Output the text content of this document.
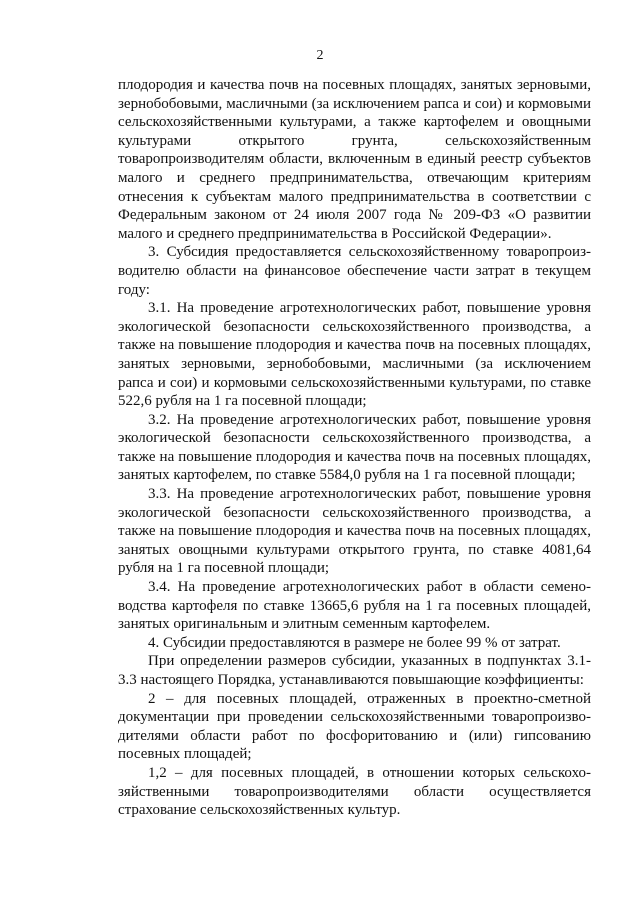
2

плодородия и качества почв на посевных площадях, занятых зерновыми, зернобобовыми, масличными (за исключением рапса и сои) и кормовыми сельскохозяйственными культурами, а также картофелем и овощными культурами открытого грунта, сельскохозяйственным товаропроизводителям области, включенным в единый реестр субъектов малого и среднего предпринимательства, отвечающим критериям отнесения к субъектам малого предпринимательства в соответствии с Федеральным законом от 24 июля 2007 года № 209-ФЗ «О развитии малого и среднего предпринимательства в Российской Федерации».

3. Субсидия предоставляется сельскохозяйственному товаропроизводителю области на финансовое обеспечение части затрат в текущем году:

3.1. На проведение агротехнологических работ, повышение уровня экологической безопасности сельскохозяйственного производства, а также на повышение плодородия и качества почв на посевных площадях, занятых зерновыми, зернобобовыми, масличными (за исключением рапса и сои) и кормовыми сельскохозяйственными культурами, по ставке 522,6 рубля на 1 га посевной площади;

3.2. На проведение агротехнологических работ, повышение уровня экологической безопасности сельскохозяйственного производства, а также на повышение плодородия и качества почв на посевных площадях, занятых картофелем, по ставке 5584,0 рубля на 1 га посевной площади;

3.3. На проведение агротехнологических работ, повышение уровня экологической безопасности сельскохозяйственного производства, а также на повышение плодородия и качества почв на посевных площадях, занятых овощными культурами открытого грунта, по ставке 4081,64 рубля на 1 га посевной площади;

3.4. На проведение агротехнологических работ в области семеноводства картофеля по ставке 13665,6 рубля на 1 га посевных площадей, занятых оригинальным и элитным семенным картофелем.

4. Субсидии предоставляются в размере не более 99 % от затрат.

При определении размеров субсидии, указанных в подпунктах 3.1-3.3 настоящего Порядка, устанавливаются повышающие коэффициенты:

2 – для посевных площадей, отраженных в проектно-сметной документации при проведении сельскохозяйственными товаропроизводителями области работ по фосфоритованию и (или) гипсованию посевных площадей;

1,2 – для посевных площадей, в отношении которых сельскохозяйственными товаропроизводителями области осуществляется страхование сельскохозяйственных культур.
